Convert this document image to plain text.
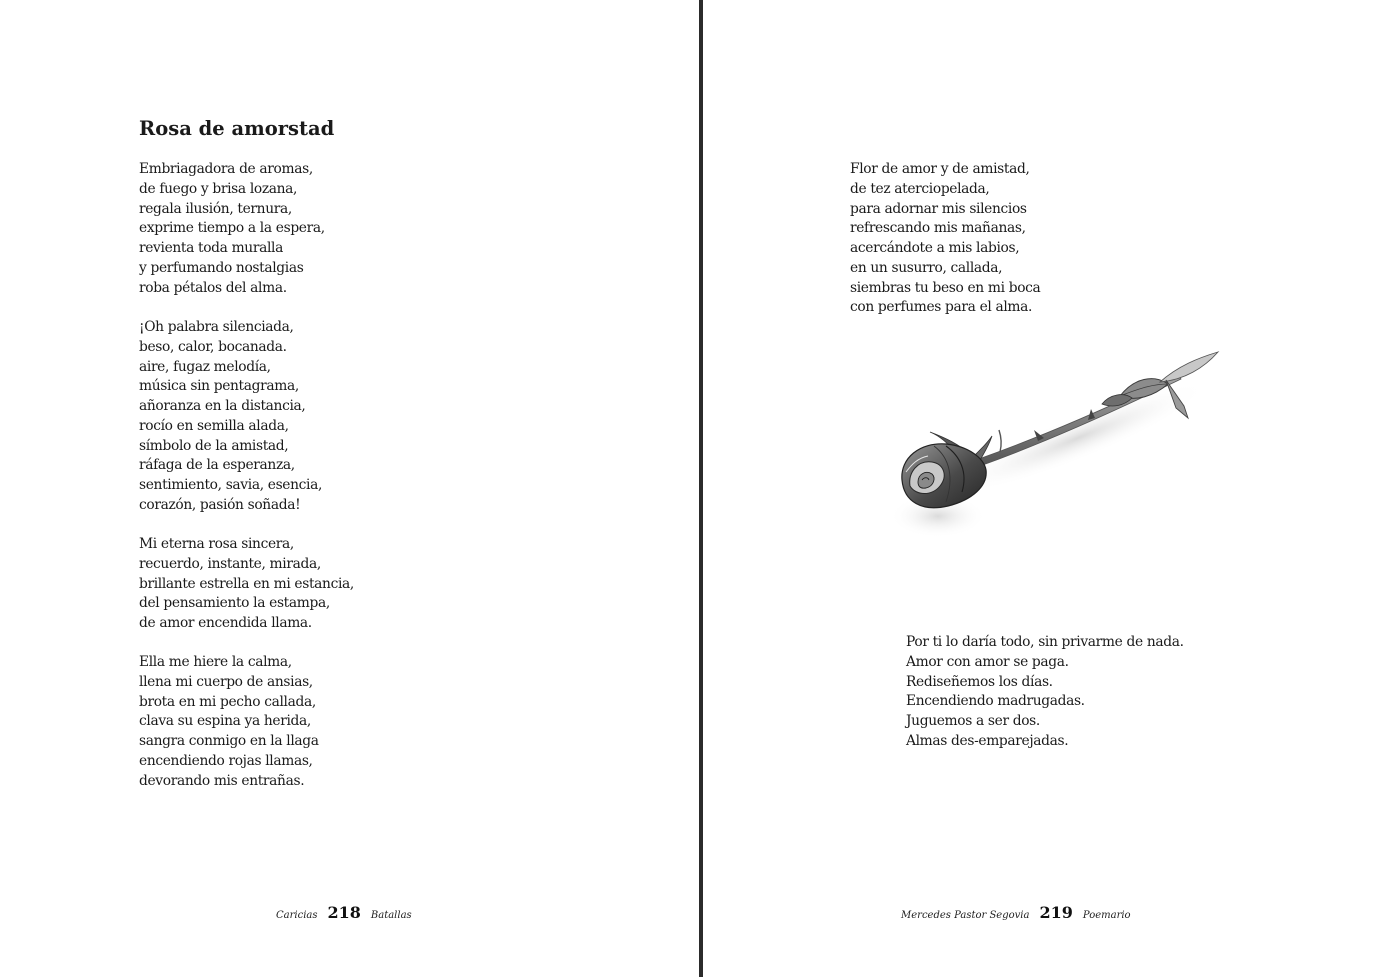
Rosa de amorstad
Embriagadora de aromas,
de fuego y brisa lozana,
regala ilusión, ternura,
exprime tiempo a la espera,
revienta toda muralla
y perfumando nostalgias
roba pétalos del alma.
¡Oh palabra silenciada,
beso, calor, bocanada.
aire, fugaz melodía,
música sin pentagrama,
añoranza en la distancia,
rocío en semilla alada,
símbolo de la amistad,
ráfaga de la esperanza,
sentimiento, savia, esencia,
corazón, pasión soñada!
Mi eterna rosa sincera,
recuerdo, instante, mirada,
brillante estrella en mi estancia,
del pensamiento la estampa,
de amor encendida llama.
Ella me hiere la calma,
llena mi cuerpo de ansias,
brota en mi pecho callada,
clava su espina ya herida,
sangra conmigo en la llaga
encendiendo rojas llamas,
devorando mis entrañas.
Caricias 218 Batallas
Flor de amor y de amistad,
de tez aterciopelada,
para adornar mis silencios
refrescando mis mañanas,
acercándote a mis labios,
en un susurro, callada,
siembras tu beso en mi boca
con perfumes para el alma.
Por ti lo daría todo, sin privarme de nada.
Amor con amor se paga.
Rediseñemos los días.
Encendiendo madrugadas.
Juguemos a ser dos.
Almas des-emparejadas.
Mercedes Pastor Segovia 219 Poemario
